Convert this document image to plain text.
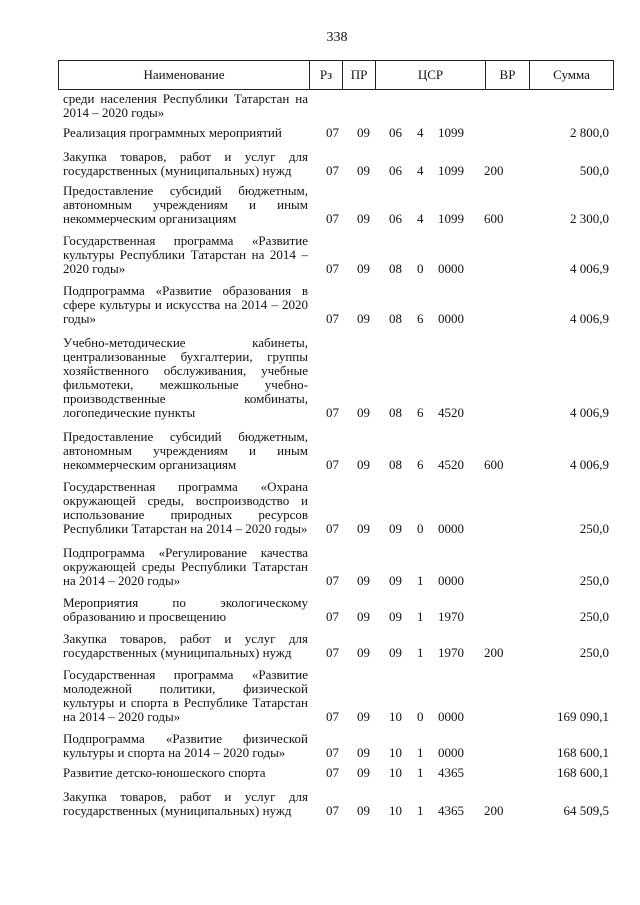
338
Наименование	Рз	ПР	ЦСР	ВР	Сумма
среди населения Республики Татарстан на 2014 – 2020 годы»
Реализация программных мероприятий	07 09 06 4 1099	2 800,0
Закупка товаров, работ и услуг для государственных (муниципальных) нужд	07 09 06 4 1099 200	500,0
Предоставление субсидий бюджетным, автономным учреждениям и иным некоммерческим организациям	07 09 06 4 1099 600	2 300,0
Государственная программа «Развитие культуры Республики Татарстан на 2014 – 2020 годы»	07 09 08 0 0000	4 006,9
Подпрограмма «Развитие образования в сфере культуры и искусства на 2014 – 2020 годы»	07 09 08 6 0000	4 006,9
Учебно-методические кабинеты, централизованные бухгалтерии, группы хозяйственного обслуживания, учебные фильмотеки, межшкольные учебно-производственные комбинаты, логопедические пункты	07 09 08 6 4520	4 006,9
Предоставление субсидий бюджетным, автономным учреждениям и иным некоммерческим организациям	07 09 08 6 4520 600	4 006,9
Государственная программа «Охрана окружающей среды, воспроизводство и использование природных ресурсов Республики Татарстан на 2014 – 2020 годы» 07 09 09 0 0000	250,0
Подпрограмма «Регулирование качества окружающей среды Республики Татарстан на 2014 – 2020 годы»	07 09 09 1 0000	250,0
Мероприятия по экологическому образованию и просвещению	07 09 09 1 1970	250,0
Закупка товаров, работ и услуг для государственных (муниципальных) нужд	07 09 09 1 1970 200	250,0
Государственная программа «Развитие молодежной политики, физической культуры и спорта в Республике Татарстан на 2014 – 2020 годы»	07 09 10 0 0000	169 090,1
Подпрограмма «Развитие физической культуры и спорта на 2014 – 2020 годы»	07 09 10 1 0000	168 600,1
Развитие детско-юношеского спорта	07 09 10 1 4365	168 600,1
Закупка товаров, работ и услуг для государственных (муниципальных) нужд	07 09 10 1 4365 200	64 509,5
